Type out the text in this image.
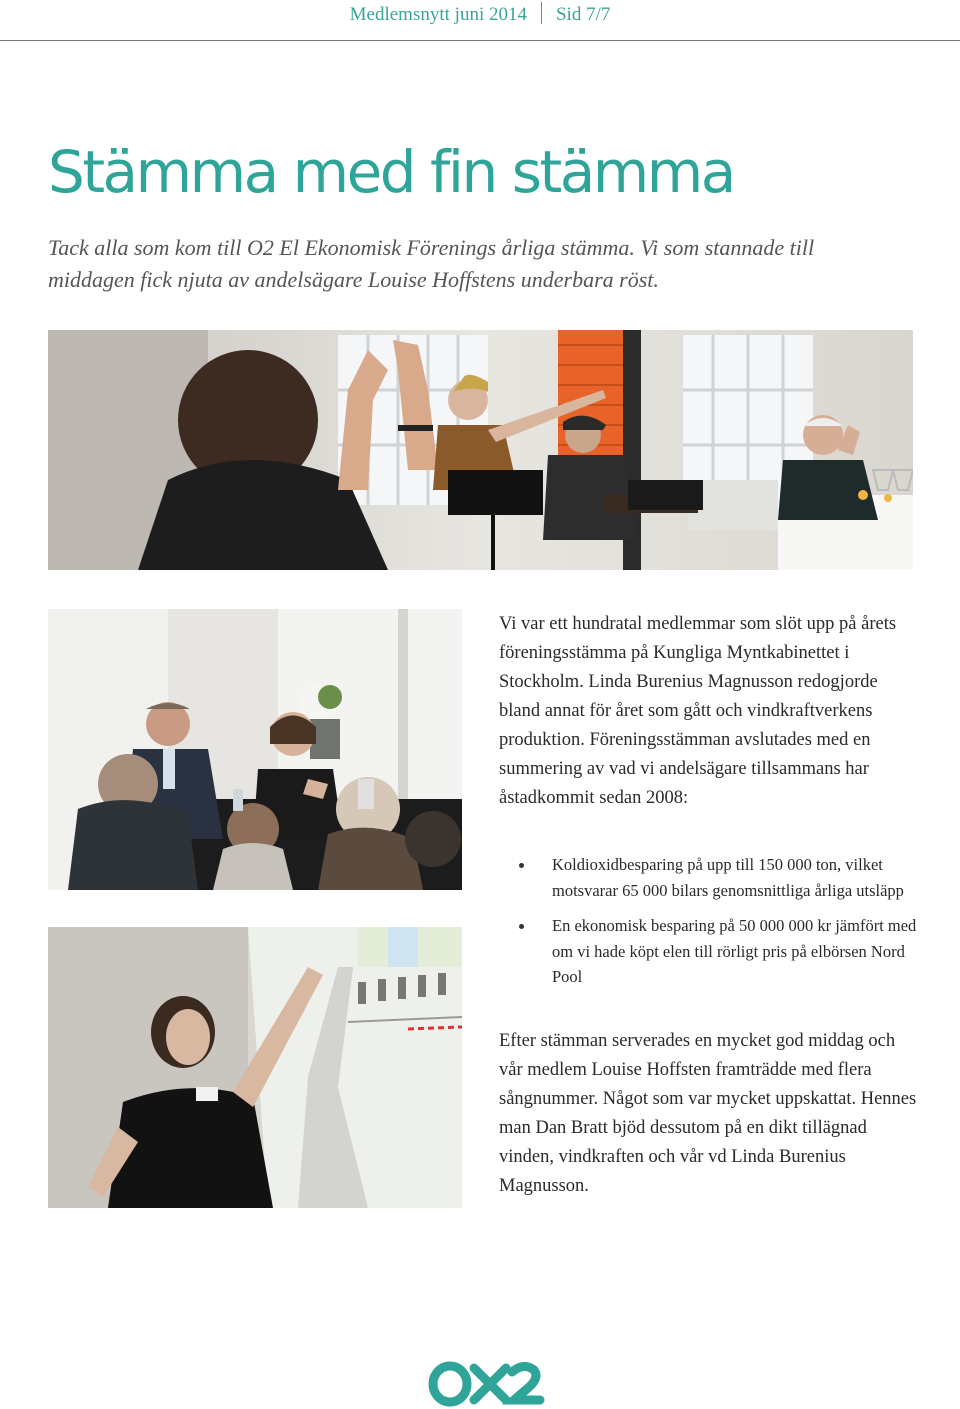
Medlemsnytt juni 2014 Sid 7/7
Stämma med fin stämma

Tack alla som kom till O2 El Ekonomisk Förenings årliga stämma. Vi som stannade till middagen fick njuta av andelsägare Louise Hoffstens underbara röst.

Vi var ett hundratal medlemmar som slöt upp på årets föreningsstämma på Kungliga Myntkabinettet i Stockholm. Linda Burenius Magnusson redogjorde bland annat för året som gått och vindkraftverkens produktion. Föreningsstämman avslutades med en summering av vad vi andelsägare tillsammans har åstadkommit sedan 2008:

Koldioxidbesparing på upp till 150 000 ton, vilket motsvarar 65 000 bilars genomsnittliga årliga utsläpp
En ekonomisk besparing på 50 000 000 kr jämfört med om vi hade köpt elen till rörligt pris på elbörsen Nord Pool

Efter stämman serverades en mycket god middag och vår medlem Louise Hoffsten framträdde med flera sångnummer. Något som var mycket uppskattat. Hennes man Dan Bratt bjöd dessutom på en dikt tillägnad vinden, vindkraften och vår vd Linda Burenius Magnusson.
